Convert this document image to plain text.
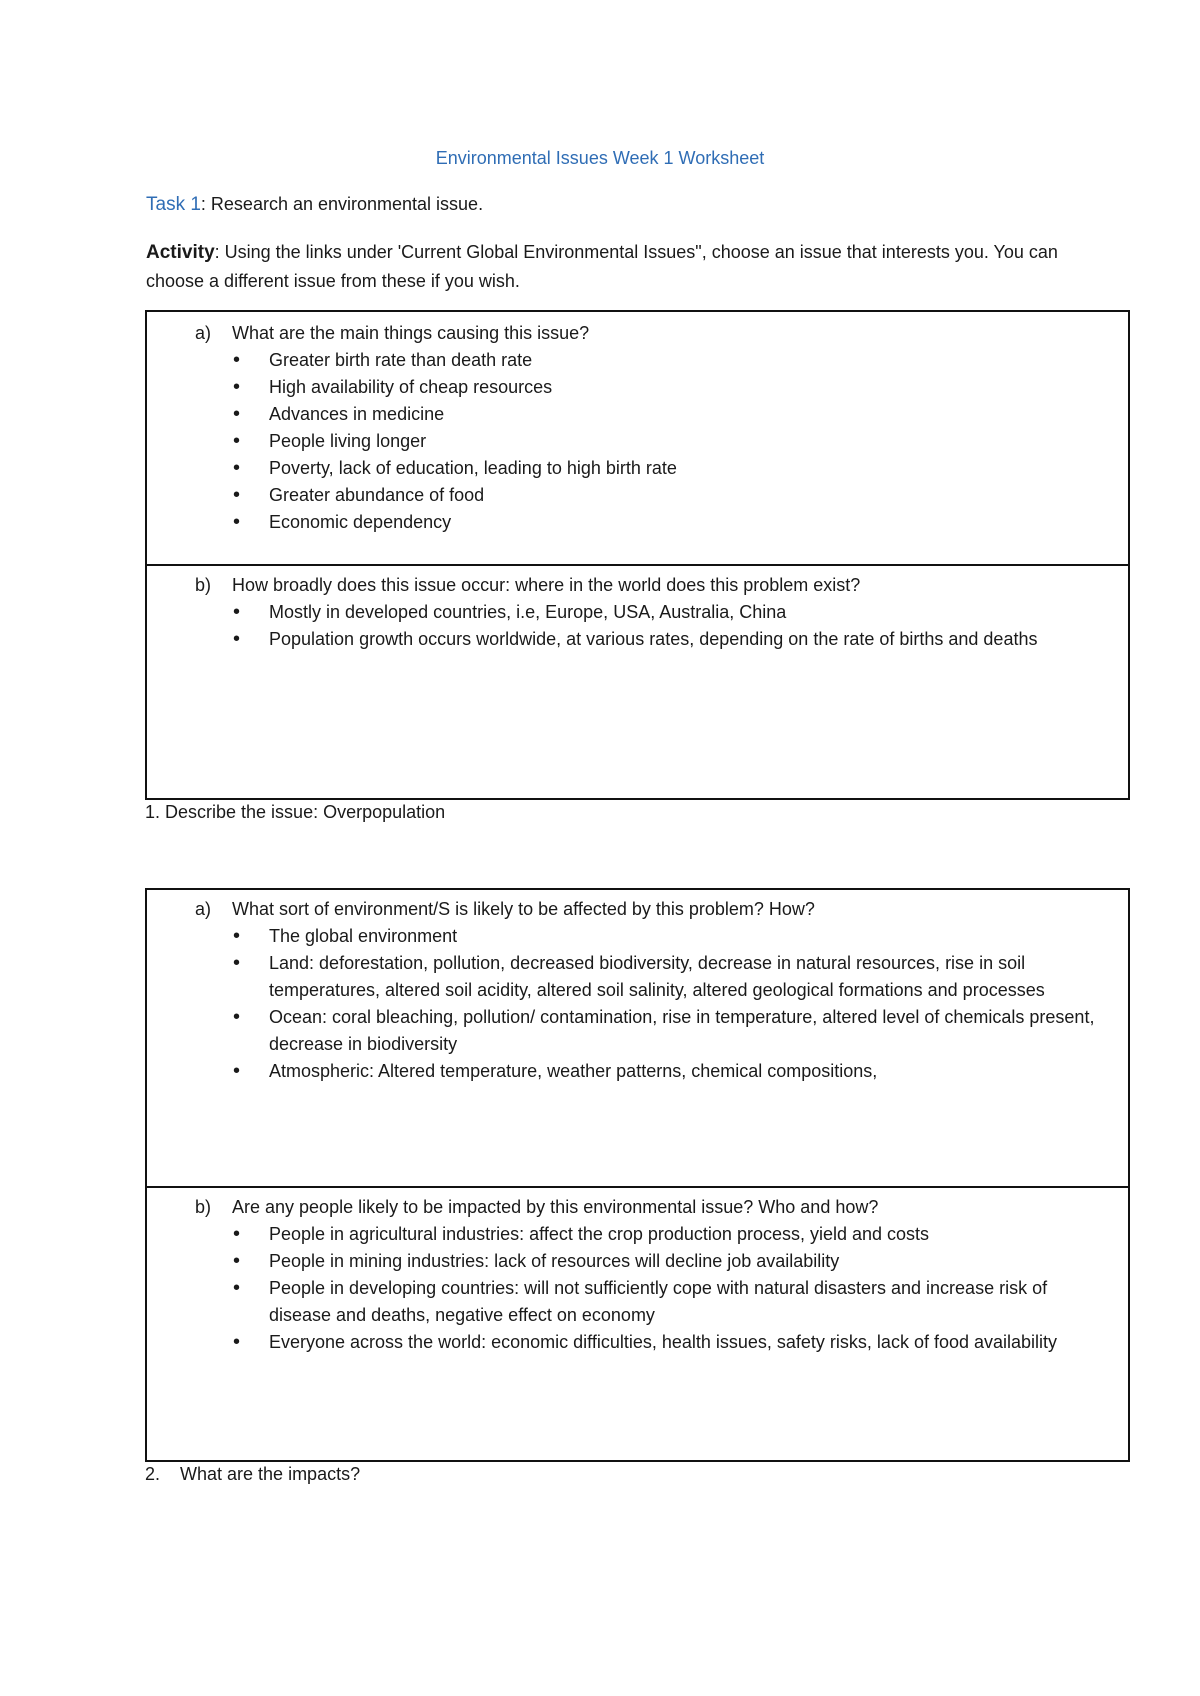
Environmental Issues Week 1 Worksheet
Task 1: Research an environmental issue.
Activity: Using the links under 'Current Global Environmental Issues", choose an issue that interests you. You can choose a different issue from these if you wish.
a) What are the main things causing this issue?
• Greater birth rate than death rate
• High availability of cheap resources
• Advances in medicine
• People living longer
• Poverty, lack of education, leading to high birth rate
• Greater abundance of food
• Economic dependency
b) How broadly does this issue occur: where in the world does this problem exist?
• Mostly in developed countries, i.e, Europe, USA, Australia, China
• Population growth occurs worldwide, at various rates, depending on the rate of births and deaths
1. Describe the issue: Overpopulation
a) What sort of environment/S is likely to be affected by this problem? How?
• The global environment
• Land: deforestation, pollution, decreased biodiversity, decrease in natural resources, rise in soil temperatures, altered soil acidity, altered soil salinity, altered geological formations and processes
• Ocean: coral bleaching, pollution/ contamination, rise in temperature, altered level of chemicals present, decrease in biodiversity
• Atmospheric: Altered temperature, weather patterns, chemical compositions,
b) Are any people likely to be impacted by this environmental issue? Who and how?
• People in agricultural industries: affect the crop production process, yield and costs
• People in mining industries: lack of resources will decline job availability
• People in developing countries: will not sufficiently cope with natural disasters and increase risk of disease and deaths, negative effect on economy
• Everyone across the world: economic difficulties, health issues, safety risks, lack of food availability
2.    What are the impacts?
